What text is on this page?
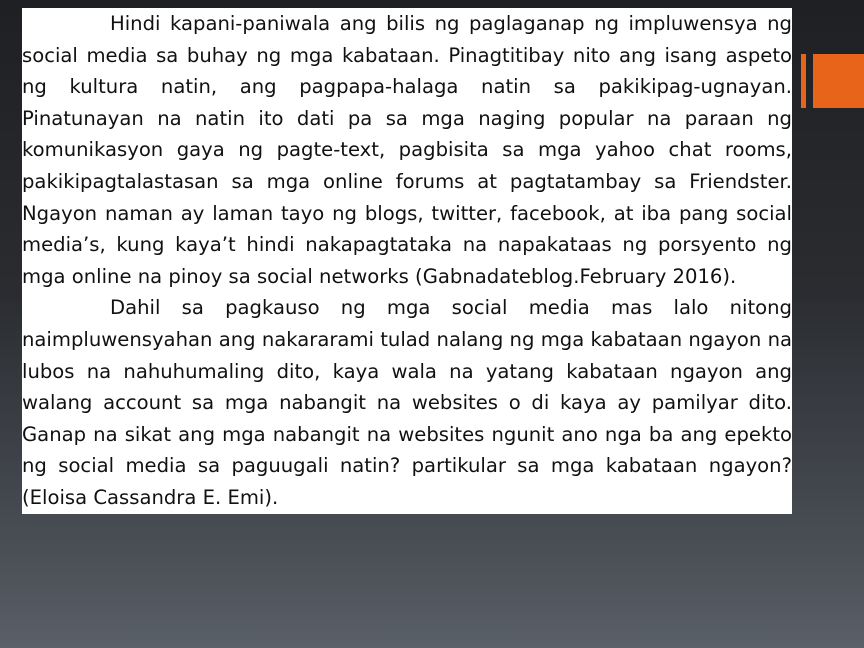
Hindi kapani-paniwala ang bilis ng paglaganap ng impluwensya ng social media sa buhay ng mga kabataan. Pinagtitibay nito ang isang aspeto ng kultura natin, ang pagpapa-halaga natin sa pakikipag-ugnayan. Pinatunayan na natin ito dati pa sa mga naging popular na paraan ng komunikasyon gaya ng pagte-text, pagbisita sa mga yahoo chat rooms, pakikipagtalastasan sa mga online forums at pagtatambay sa Friendster. Ngayon naman ay laman tayo ng blogs, twitter, facebook, at iba pang social media’s, kung kaya’t hindi nakapagtataka na napakataas ng porsyento ng mga online na pinoy sa social networks (Gabnadateblog.February 2016).

Dahil sa pagkauso ng mga social media mas lalo nitong naimpluwensyahan ang nakararami tulad nalang ng mga kabataan ngayon na lubos na nahuhumaling dito, kaya wala na yatang kabataan ngayon ang walang account sa mga nabangit na websites o di kaya ay pamilyar dito. Ganap na sikat ang mga nabangit na websites ngunit ano nga ba ang epekto ng social media sa paguugali natin? partikular sa mga kabataan ngayon? (Eloisa Cassandra E. Emi).
